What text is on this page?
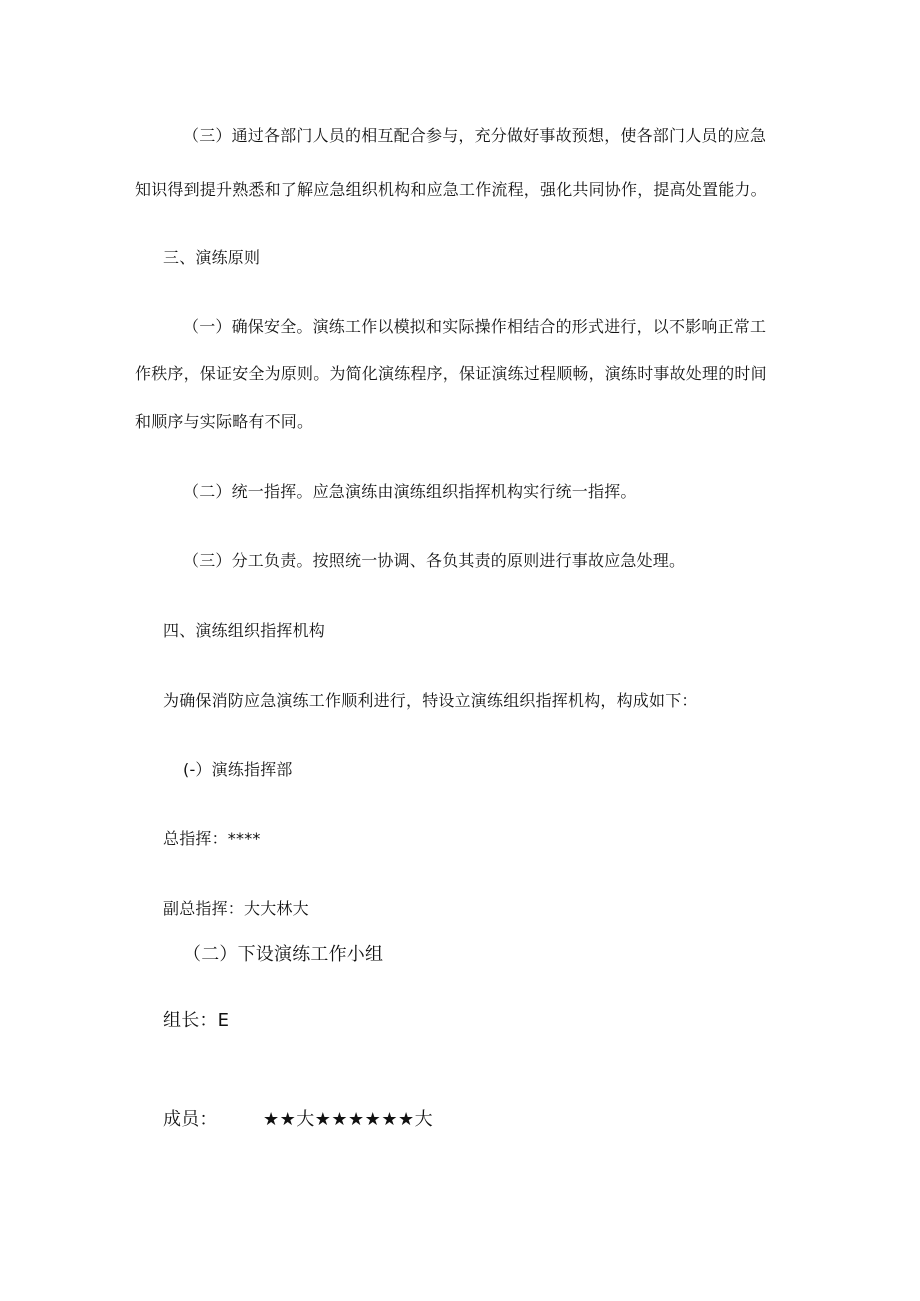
（三）通过各部门人员的相互配合参与，充分做好事故预想，使各部门人员的应急
知识得到提升熟悉和了解应急组织机构和应急工作流程，强化共同协作，提高处置能力。
三、演练原则
（一）确保安全。演练工作以模拟和实际操作相结合的形式进行，以不影响正常工
作秩序，保证安全为原则。为简化演练程序，保证演练过程顺畅，演练时事故处理的时间
和顺序与实际略有不同。
（二）统一指挥。应急演练由演练组织指挥机构实行统一指挥。
（三）分工负责。按照统一协调、各负其责的原则进行事故应急处理。
四、演练组织指挥机构
为确保消防应急演练工作顺利进行，特设立演练组织指挥机构，构成如下：
(-）演练指挥部
总指挥：****
副总指挥：大大林大
（二）下设演练工作小组
组长：E
成员：	★★大★★★★★★大
